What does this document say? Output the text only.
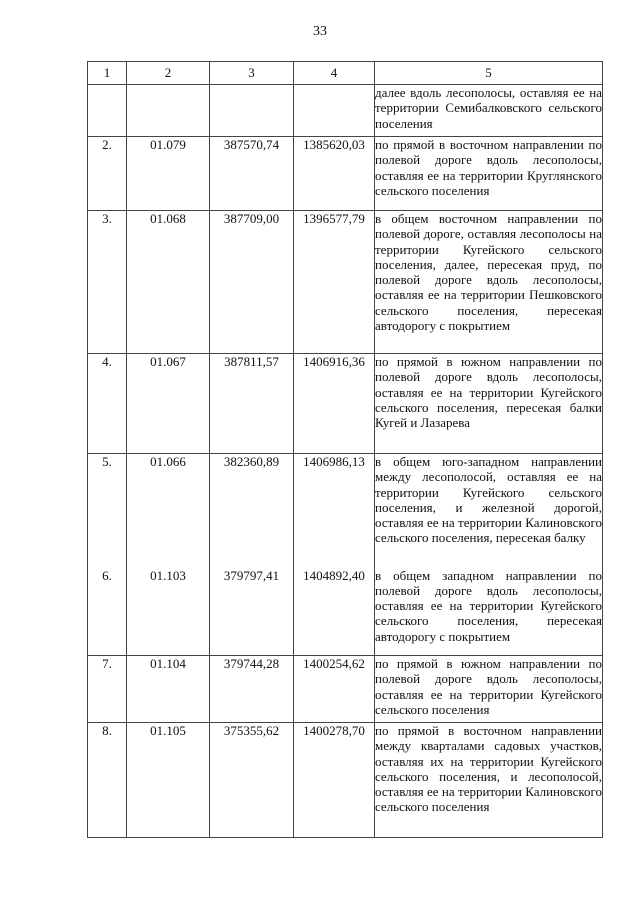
33
1	2	3	4	5
				далее вдоль лесополосы, оставляя ее на территории Семибалковского сельского поселения
2.	01.079	387570,74	1385620,03	по прямой в восточном направлении по полевой дороге вдоль лесополосы, оставляя ее на территории Круглянского сельского поселения
3.	01.068	387709,00	1396577,79	в общем восточном направлении по полевой дороге, оставляя лесополосы на территории Кугейского сельского поселения, далее, пересекая пруд, по полевой дороге вдоль лесополосы, оставляя ее на территории Пешковского сельского поселения, пересекая автодорогу с покрытием
4.	01.067	387811,57	1406916,36	по прямой в южном направлении по полевой дороге вдоль лесополосы, оставляя ее на территории Кугейского сельского поселения, пересекая балки Кугей и Лазарева
5.	01.066	382360,89	1406986,13	в общем юго-западном направлении между лесополосой, оставляя ее на территории Кугейского сельского поселения, и железной дорогой, оставляя ее на территории Калиновского сельского поселения, пересекая балку
6.	01.103	379797,41	1404892,40	в общем западном направлении по полевой дороге вдоль лесополосы, оставляя ее на территории Кугейского сельского поселения, пересекая автодорогу с покрытием
7.	01.104	379744,28	1400254,62	по прямой в южном направлении по полевой дороге вдоль лесополосы, оставляя ее на территории Кугейского сельского поселения
8.	01.105	375355,62	1400278,70	по прямой в восточном направлении между кварталами садовых участков, оставляя их на территории Кугейского сельского поселения, и лесополосой, оставляя ее на территории Калиновского сельского поселения
